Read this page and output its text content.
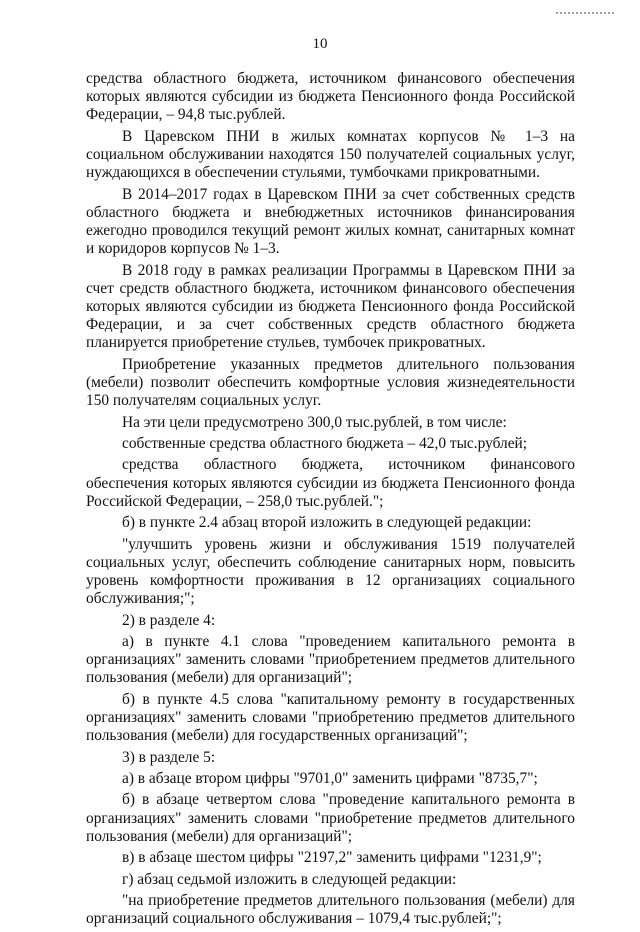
10

средства областного бюджета, источником финансового обеспечения которых являются субсидии из бюджета Пенсионного фонда Российской Федерации, – 94,8 тыс.рублей.

В Царевском ПНИ в жилых комнатах корпусов № 1–3 на социальном обслуживании находятся 150 получателей социальных услуг, нуждающихся в обеспечении стульями, тумбочками прикроватными.

В 2014–2017 годах в Царевском ПНИ за счет собственных средств областного бюджета и внебюджетных источников финансирования ежегодно проводился текущий ремонт жилых комнат, санитарных комнат и коридоров корпусов № 1–3.

В 2018 году в рамках реализации Программы в Царевском ПНИ за счет средств областного бюджета, источником финансового обеспечения которых являются субсидии из бюджета Пенсионного фонда Российской Федерации, и за счет собственных средств областного бюджета планируется приобретение стульев, тумбочек прикроватных.

Приобретение указанных предметов длительного пользования (мебели) позволит обеспечить комфортные условия жизнедеятельности 150 получателям социальных услуг.

На эти цели предусмотрено 300,0 тыс.рублей, в том числе:

собственные средства областного бюджета – 42,0 тыс.рублей;

средства областного бюджета, источником финансового обеспечения которых являются субсидии из бюджета Пенсионного фонда Российской Федерации, – 258,0 тыс.рублей.";

б) в пункте 2.4 абзац второй изложить в следующей редакции:

"улучшить уровень жизни и обслуживания 1519 получателей социальных услуг, обеспечить соблюдение санитарных норм, повысить уровень комфортности проживания в 12 организациях социального обслуживания;";

2) в разделе 4:

а) в пункте 4.1 слова "проведением капитального ремонта в организациях" заменить словами "приобретением предметов длительного пользования (мебели) для организаций";

б) в пункте 4.5 слова "капитальному ремонту в государственных организациях" заменить словами "приобретению предметов длительного пользования (мебели) для государственных организаций";

3) в разделе 5:

а) в абзаце втором цифры "9701,0" заменить цифрами "8735,7";

б) в абзаце четвертом слова "проведение капитального ремонта в организациях" заменить словами "приобретение предметов длительного пользования (мебели) для организаций";

в) в абзаце шестом цифры "2197,2" заменить цифрами "1231,9";

г) абзац седьмой изложить в следующей редакции:

"на приобретение предметов длительного пользования (мебели) для организаций социального обслуживания – 1079,4 тыс.рублей;";
